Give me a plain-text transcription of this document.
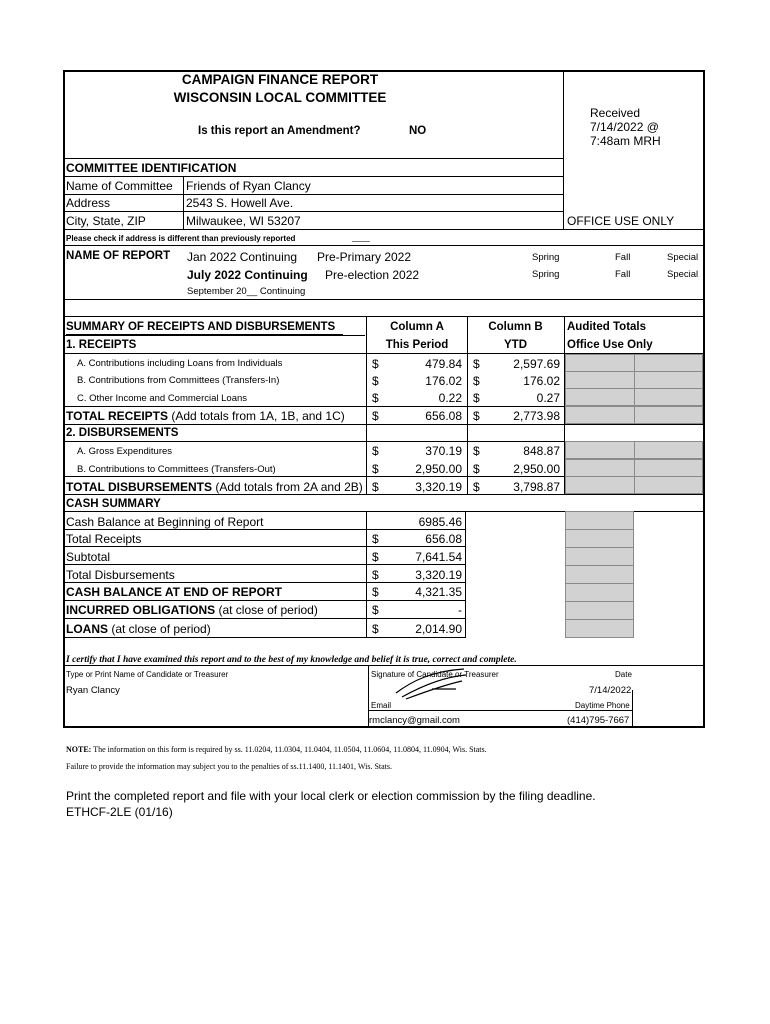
CAMPAIGN FINANCE REPORT
WISCONSIN LOCAL COMMITTEE
Is this report an Amendment?	NO
Received
7/14/2022 @
7:48am MRH
COMMITTEE IDENTIFICATION
Name of Committee Friends of Ryan Clancy
Address	2543 S. Howell Ave.
City, State, ZIP	Milwaukee, WI 53207	OFFICE USE ONLY
Please check if address is different than previously reported	____
NAME OF REPORT Jan 2022 Continuing Pre-Primary 2022	Spring	Fall	Special
July 2022 Continuing Pre-election 2022	Spring	Fall	Special
September 20__ Continuing
SUMMARY OF RECEIPTS AND DISBURSEMENTS	Column A
This Period
Column B
YTD
Audited Totals
Office Use Only
1. RECEIPTS
A. Contributions including Loans from Individuals	$	479.84 $	2,597.69
B. Contributions from Committees (Transfers-In)	$	176.02 $	176.02
C. Other Income and Commercial Loans	$	0.22 $	0.27
TOTAL RECEIPTS (Add totals from 1A, 1B, and 1C) $	656.08 $	2,773.98
2. DISBURSEMENTS
A. Gross Expenditures	$	370.19 $	848.87
B. Contributions to Committees (Transfers-Out)	$	2,950.00 $	2,950.00
TOTAL DISBURSEMENTS (Add totals from 2A and 2B) $	3,320.19 $	3,798.87
CASH SUMMARY
Cash Balance at Beginning of Report	6985.46
Total Receipts	$	656.08
Subtotal	$	7,641.54
Total Disbursements	$	3,320.19
CASH BALANCE AT END OF REPORT	$	4,321.35
INCURRED OBLIGATIONS (at close of period)	$	-
LOANS (at close of period)	$	2,014.90
I certify that I have examined this report and to the best of my knowledge and belief it is true, correct and complete.
Type or Print Name of Candidate or Treasurer
Ryan Clancy
Signature of Candidate or Treasurer	Date
7/14/2022
Email	Daytime Phone
rmclancy@gmail.com	(414)795-7667
NOTE: The information on this form is required by ss. 11.0204, 11.0304, 11.0404, 11.0504, 11.0604, 11.0804, 11.0904, Wis. Stats.
Failure to provide the information may subject you to the penalties of ss.11.1400, 11.1401, Wis. Stats.
Print the completed report and file with your local clerk or election commission by the filing deadline.
ETHCF-2LE (01/16)
